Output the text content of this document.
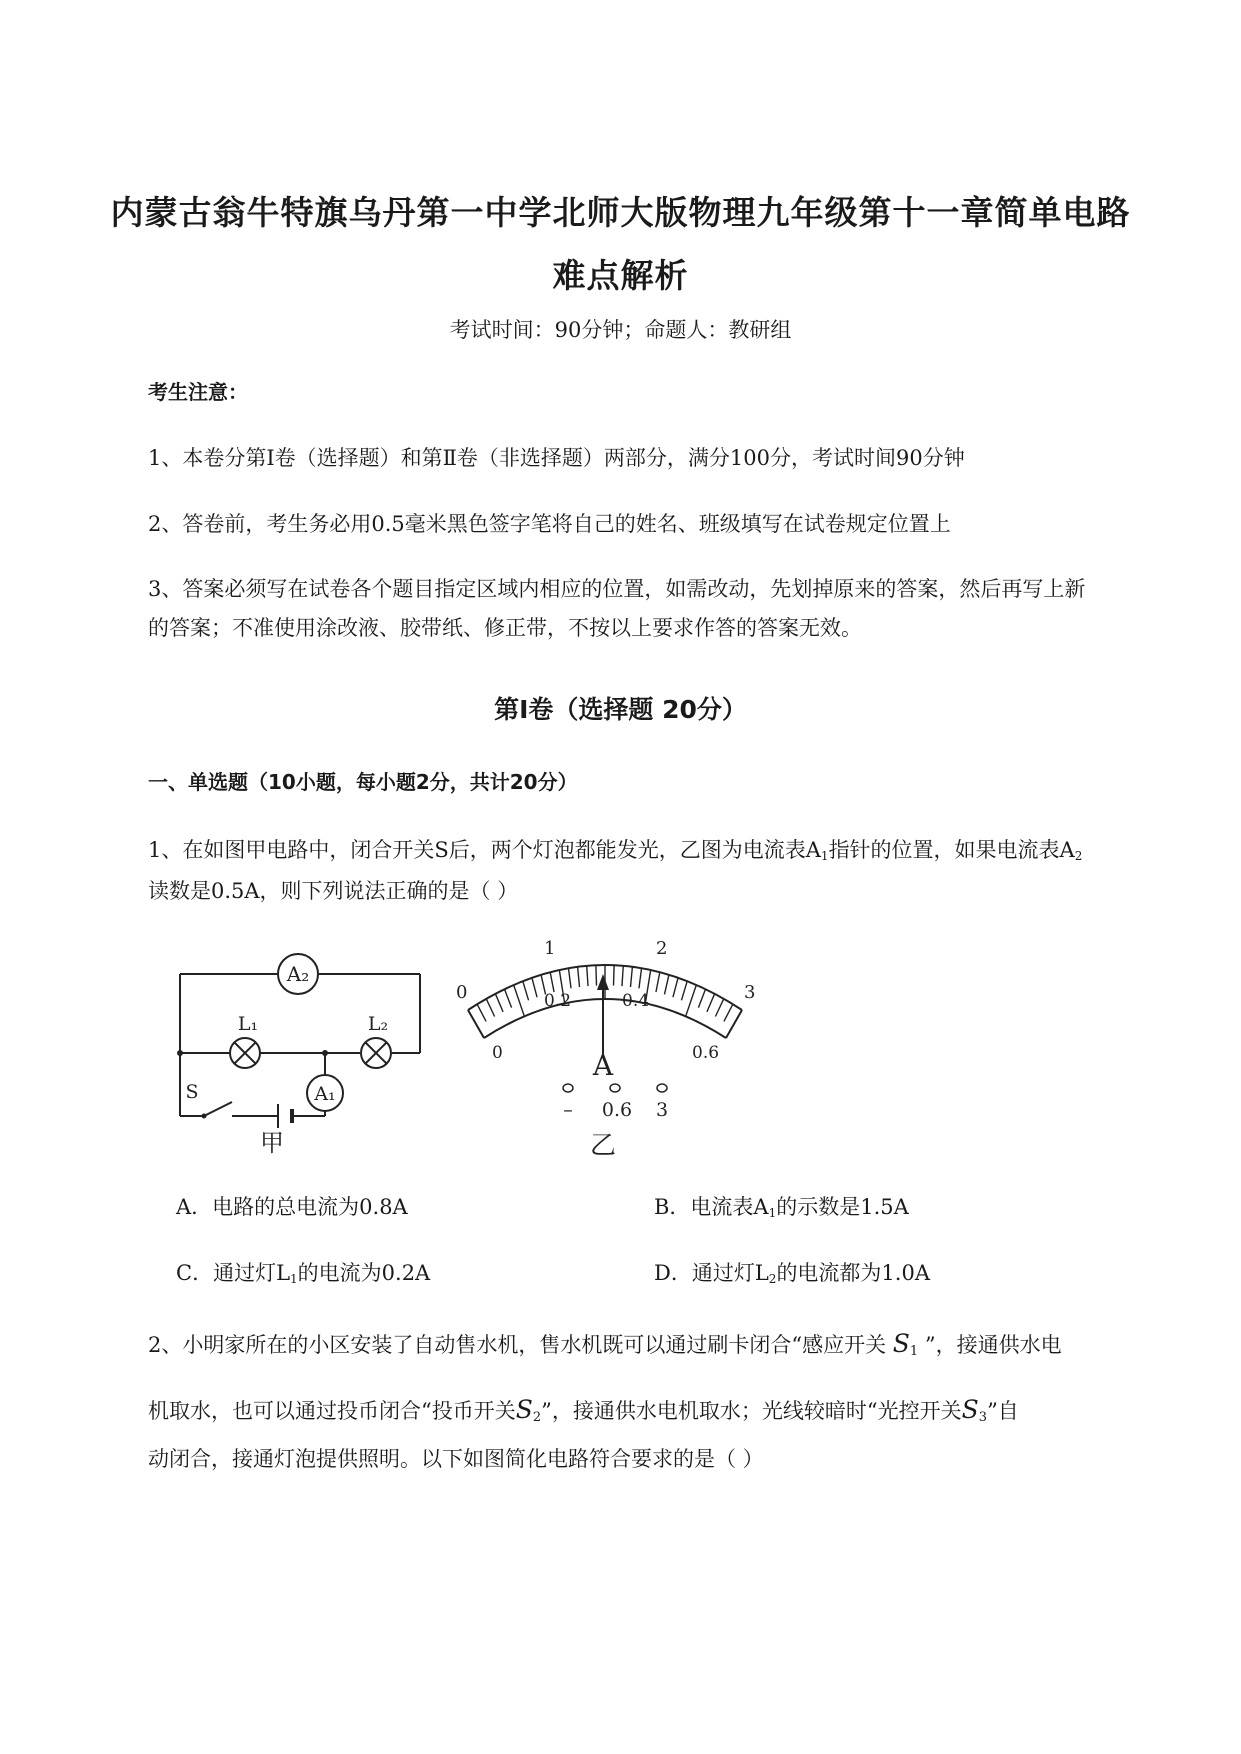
内蒙古翁牛特旗乌丹第一中学北师大版物理九年级第十一章简单电路
难点解析
考试时间：90分钟；命题人：教研组
考生注意：
1、本卷分第Ⅰ卷（选择题）和第Ⅱ卷（非选择题）两部分，满分100分，考试时间90分钟
2、答卷前，考生务必用0.5毫米黑色签字笔将自己的姓名、班级填写在试卷规定位置上
3、答案必须写在试卷各个题目指定区域内相应的位置，如需改动，先划掉原来的答案，然后再写上新
的答案；不准使用涂改液、胶带纸、修正带，不按以上要求作答的答案无效。
第Ⅰ卷（选择题 20分）
一、单选题（10小题，每小题2分，共计20分）
1、在如图甲电路中，闭合开关S后，两个灯泡都能发光，乙图为电流表$A_1$指针的位置，如果电流表$A_2$
读数是0.5A，则下列说法正确的是（ ）
A₂
L₁	L₂
A₁
S
甲
0
1	2
3
0
0.2	0.4
0.6
A
– 0.6 3
乙
A．电路的总电流为0.8A	B．电流表$A_1$的示数是1.5A
C．通过灯$L_1$的电流为0.2A	D．通过灯$L_2$的电流都为1.0A
2、小明家所在的小区安装了自动售水机，售水机既可以通过刷卡闭合“感应开关 $S_1$ ”，接通供水电
机取水，也可以通过投币闭合“投币开关$S_2$”，接通供水电机取水；光线较暗时“光控开关$S_3$”自
动闭合，接通灯泡提供照明。以下如图简化电路符合要求的是（ ）
